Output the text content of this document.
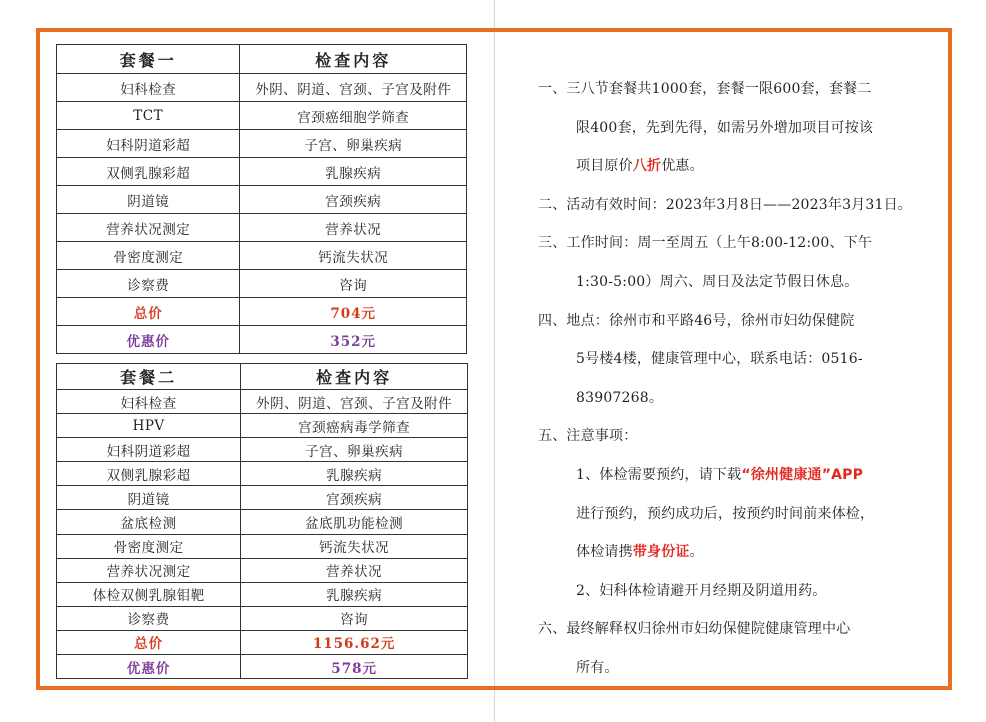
套餐一	检查内容
妇科检查	外阴、阴道、宫颈、子宫及附件
TCT	宫颈癌细胞学筛查
妇科阴道彩超	子宫、卵巢疾病
双侧乳腺彩超	乳腺疾病
阴道镜	宫颈疾病
营养状况测定	营养状况
骨密度测定	钙流失状况
诊察费	咨询
总价	704元
优惠价	352元
套餐二	检查内容
妇科检查	外阴、阴道、宫颈、子宫及附件
HPV	宫颈癌病毒学筛查
妇科阴道彩超	子宫、卵巢疾病
双侧乳腺彩超	乳腺疾病
阴道镜	宫颈疾病
盆底检测	盆底肌功能检测
骨密度测定	钙流失状况
营养状况测定	营养状况
体检双侧乳腺钼靶	乳腺疾病
诊察费	咨询
总价	1156.62元
优惠价	578元

一、三八节套餐共1000套，套餐一限600套，套餐二

限400套，先到先得，如需另外增加项目可按该

项目原价八折优惠。

二、活动有效时间：2023年3月8日——2023年3月31日。

三、工作时间：周一至周五（上午8:00-12:00、下午

1:30-5:00）周六、周日及法定节假日休息。

四、地点：徐州市和平路46号，徐州市妇幼保健院

5号楼4楼，健康管理中心，联系电话：0516-83907268。

五、注意事项：

1、体检需要预约，请下载“徐州健康通”APP

进行预约，预约成功后，按预约时间前来体检，

体检请携带身份证。

2、妇科体检请避开月经期及阴道用药。

六、最终解释权归徐州市妇幼保健院健康管理中心

所有。
